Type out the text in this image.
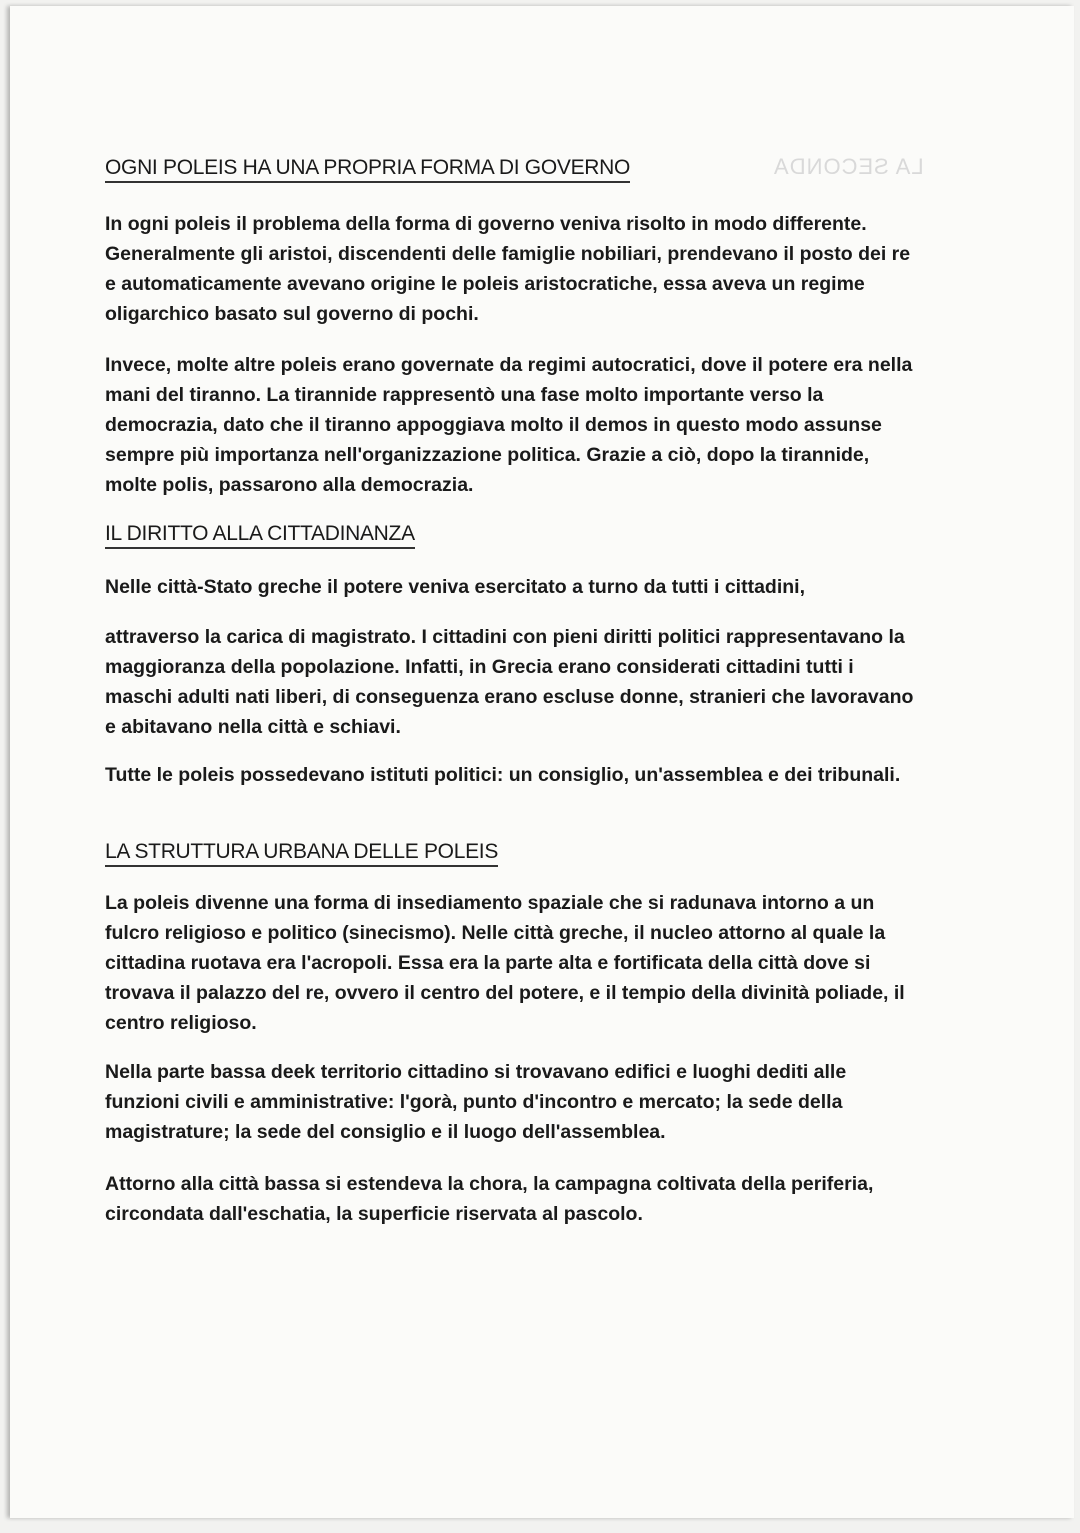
LA SECONDA
OGNI POLEIS HA UNA PROPRIA FORMA DI GOVERNO
In ogni poleis il problema della forma di governo veniva risolto in modo differente. Generalmente gli aristoi, discendenti delle famiglie nobiliari, prendevano il posto dei re e automaticamente avevano origine le poleis aristocratiche, essa aveva un regime oligarchico basato sul governo di pochi.
Invece, molte altre poleis erano governate da regimi autocratici, dove il potere era nella mani del tiranno. La tirannide rappresentò una fase molto importante verso la democrazia, dato che il tiranno appoggiava molto il demos in questo modo assunse sempre più importanza nell'organizzazione politica. Grazie a ciò, dopo la tirannide, molte polis, passarono alla democrazia.
IL DIRITTO ALLA CITTADINANZA
Nelle città-Stato greche il potere veniva esercitato a turno da tutti i cittadini,
attraverso la carica di magistrato. I cittadini con pieni diritti politici rappresentavano la maggioranza della popolazione. Infatti, in Grecia erano considerati cittadini tutti i maschi adulti nati liberi, di conseguenza erano escluse donne, stranieri che lavoravano e abitavano nella città e schiavi.
Tutte le poleis possedevano istituti politici: un consiglio, un'assemblea e dei tribunali.
LA STRUTTURA URBANA DELLE POLEIS
La poleis divenne una forma di insediamento spaziale che si radunava intorno a un fulcro religioso e politico (sinecismo). Nelle città greche, il nucleo attorno al quale la cittadina ruotava era l'acropoli. Essa era la parte alta e fortificata della città dove si trovava il palazzo del re, ovvero il centro del potere, e il tempio della divinità poliade, il centro religioso.
Nella parte bassa deek territorio cittadino si trovavano edifici e luoghi dediti alle funzioni civili e amministrative: l'gorà, punto d'incontro e mercato; la sede della magistrature; la sede del consiglio e il luogo dell'assemblea.
Attorno alla città bassa si estendeva la chora, la campagna coltivata della periferia, circondata dall'eschatia, la superficie riservata al pascolo.
